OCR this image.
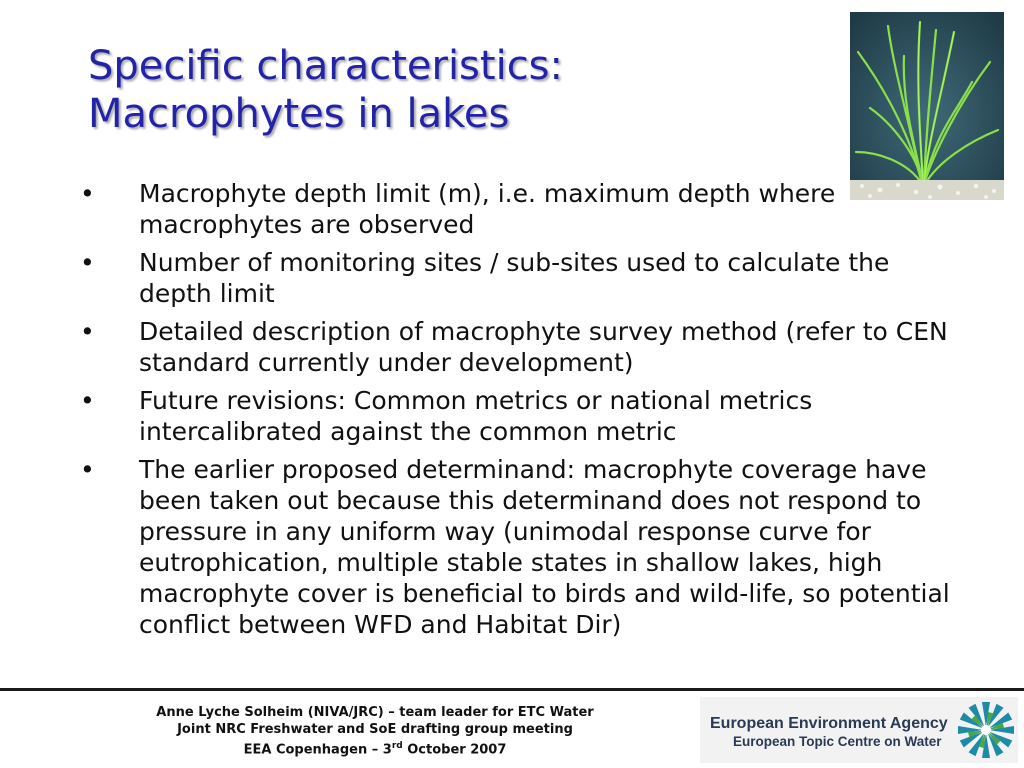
Specific characteristics:
Macrophytes in lakes
• Macrophyte depth limit (m), i.e. maximum depth where macrophytes are observed
• Number of monitoring sites / sub-sites used to calculate the depth limit
• Detailed description of macrophyte survey method (refer to CEN standard currently under development)
• Future revisions: Common metrics or national metrics intercalibrated against the common metric
• The earlier proposed determinand: macrophyte coverage have been taken out because this determinand does not respond to pressure in any uniform way (unimodal response curve for eutrophication, multiple stable states in shallow lakes, high macrophyte cover is beneficial to birds and wild-life, so potential conflict between WFD and Habitat Dir)
Anne Lyche Solheim (NIVA/JRC) – team leader for ETC Water
Joint NRC Freshwater and SoE drafting group meeting
EEA Copenhagen – 3rd October 2007
European Environment Agency
European Topic Centre on Water
